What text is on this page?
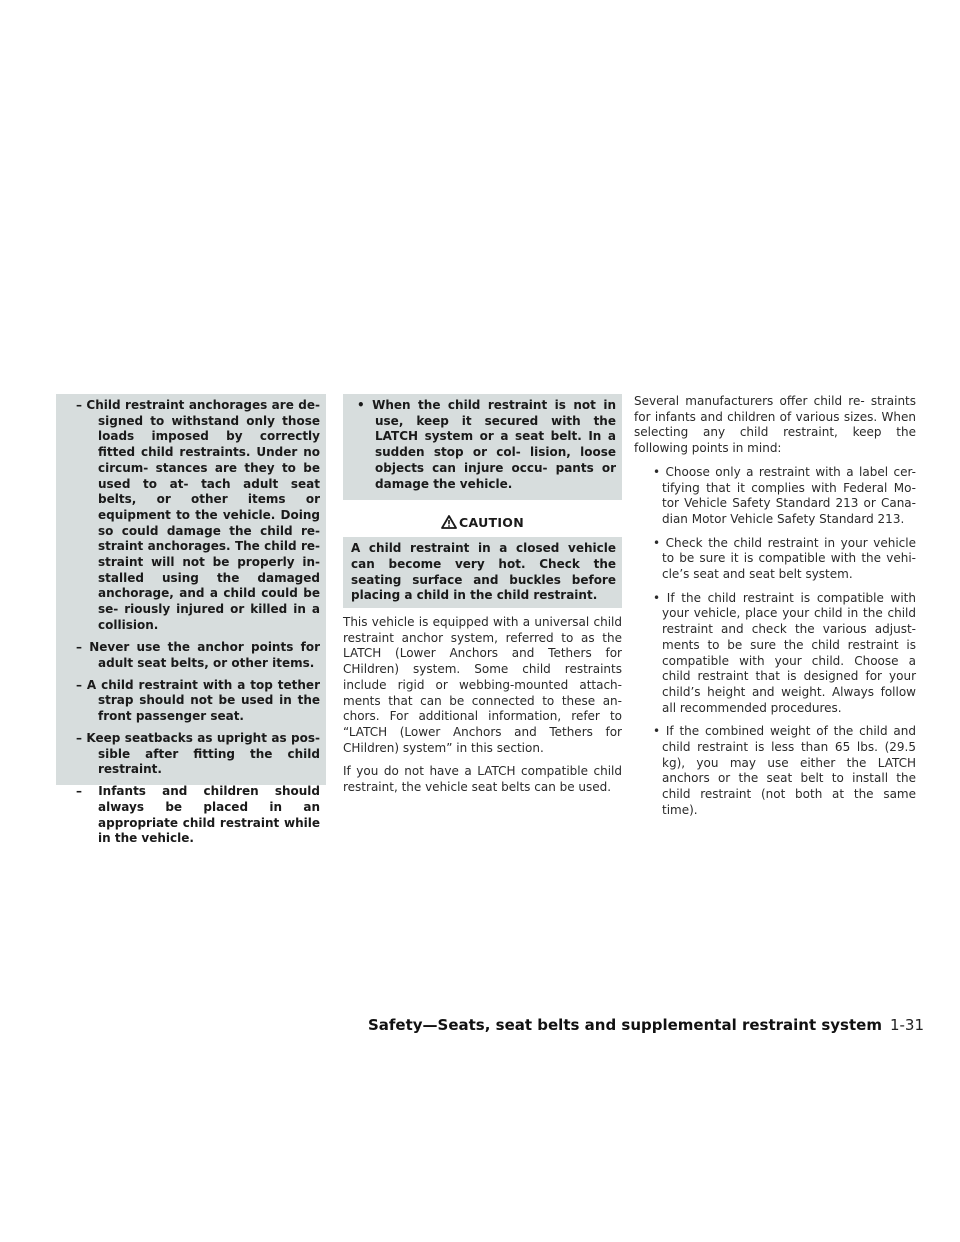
– Child restraint anchorages are de- signed to withstand only those loads imposed by correctly fitted child restraints. Under no circum- stances are they to be used to at- tach adult seat belts, or other items or equipment to the vehicle. Doing so could damage the child re- straint anchorages. The child re- straint will not be properly in- stalled using the damaged anchorage, and a child could be se- riously injured or killed in a collision.

– Never use the anchor points for adult seat belts, or other items.

– A child restraint with a top tether strap should not be used in the front passenger seat.

– Keep seatbacks as upright as pos- sible after fitting the child restraint.

– Infants and children should always be placed in an appropriate child restraint while in the vehicle.

• When the child restraint is not in use, keep it secured with the LATCH system or a seat belt. In a sudden stop or col- lision, loose objects can injure occu- pants or damage the vehicle.

CAUTION

A child restraint in a closed vehicle can become very hot. Check the seating surface and buckles before placing a child in the child restraint.

This vehicle is equipped with a universal child restraint anchor system, referred to as the LATCH (Lower Anchors and Tethers for CHildren) system. Some child restraints include rigid or webbing-mounted attach- ments that can be connected to these an- chors. For additional information, refer to “LATCH (Lower Anchors and Tethers for CHildren) system” in this section.

If you do not have a LATCH compatible child restraint, the vehicle seat belts can be used.

Several manufacturers offer child re- straints for infants and children of various sizes. When selecting any child restraint, keep the following points in mind:

• Choose only a restraint with a label cer- tifying that it complies with Federal Mo- tor Vehicle Safety Standard 213 or Cana- dian Motor Vehicle Safety Standard 213.

• Check the child restraint in your vehicle to be sure it is compatible with the vehi- cle’s seat and seat belt system.

• If the child restraint is compatible with your vehicle, place your child in the child restraint and check the various adjust- ments to be sure the child restraint is compatible with your child. Choose a child restraint that is designed for your child’s height and weight. Always follow all recommended procedures.

• If the combined weight of the child and child restraint is less than 65 lbs. (29.5 kg), you may use either the LATCH anchors or the seat belt to install the child restraint (not both at the same time).

Safety—Seats, seat belts and supplemental restraint system 1-31
